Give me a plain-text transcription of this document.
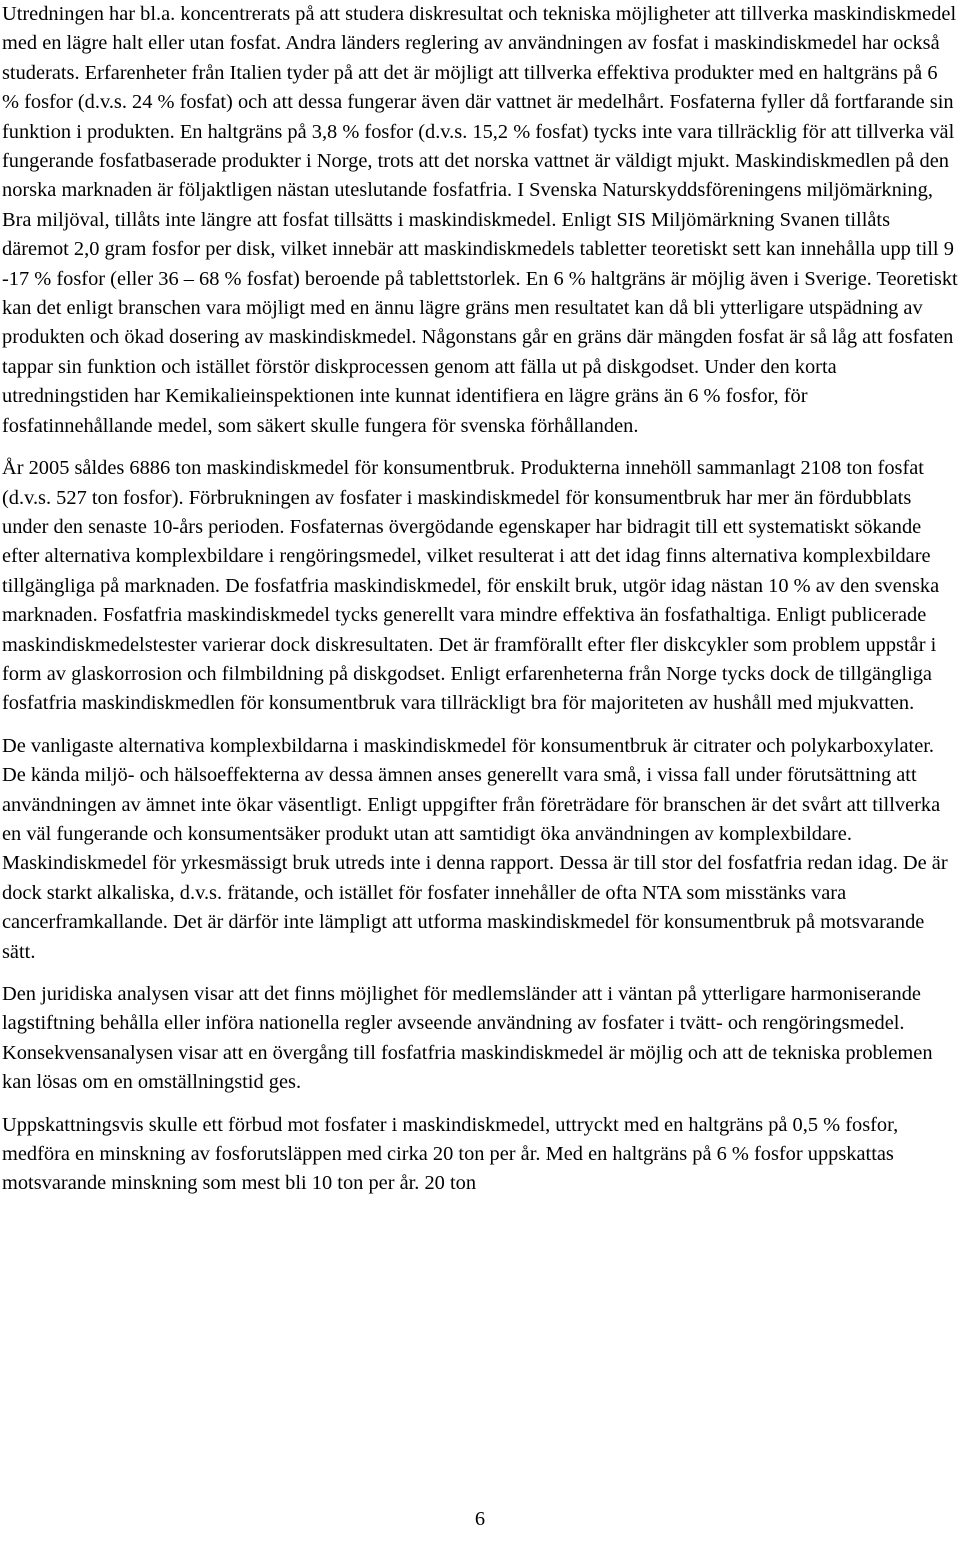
Utredningen har bl.a. koncentrerats på att studera diskresultat och tekniska möjligheter att tillverka maskindiskmedel med en lägre halt eller utan fosfat. Andra länders reglering av användningen av fosfat i maskindiskmedel har också studerats. Erfarenheter från Italien tyder på att det är möjligt att tillverka effektiva produkter med en haltgräns på 6 % fosfor (d.v.s. 24 % fosfat) och att dessa fungerar även där vattnet är medelhårt. Fosfaterna fyller då fortfarande sin funktion i produkten. En haltgräns på 3,8 % fosfor (d.v.s. 15,2 % fosfat) tycks inte vara tillräcklig för att tillverka väl fungerande fosfatbaserade produkter i Norge, trots att det norska vattnet är väldigt mjukt. Maskindiskmedlen på den norska marknaden är följaktligen nästan uteslutande fosfatfria. I Svenska Naturskyddsföreningens miljömärkning, Bra miljöval, tillåts inte längre att fosfat tillsätts i maskindiskmedel. Enligt SIS Miljömärkning Svanen tillåts däremot 2,0 gram fosfor per disk, vilket innebär att maskindiskmedels tabletter teoretiskt sett kan innehålla upp till 9 -17 % fosfor (eller 36 – 68 % fosfat) beroende på tablettstorlek. En 6 % haltgräns är möjlig även i Sverige. Teoretiskt kan det enligt branschen vara möjligt med en ännu lägre gräns men resultatet kan då bli ytterligare utspädning av produkten och ökad dosering av maskindiskmedel. Någonstans går en gräns där mängden fosfat är så låg att fosfaten tappar sin funktion och istället förstör diskprocessen genom att fälla ut på diskgodset. Under den korta utredningstiden har Kemikalieinspektionen inte kunnat identifiera en lägre gräns än 6 % fosfor, för fosfatinnehållande medel, som säkert skulle fungera för svenska förhållanden.

År 2005 såldes 6886 ton maskindiskmedel för konsumentbruk. Produkterna innehöll sammanlagt 2108 ton fosfat (d.v.s. 527 ton fosfor). Förbrukningen av fosfater i maskindiskmedel för konsumentbruk har mer än fördubblats under den senaste 10-års perioden. Fosfaternas övergödande egenskaper har bidragit till ett systematiskt sökande efter alternativa komplexbildare i rengöringsmedel, vilket resulterat i att det idag finns alternativa komplexbildare tillgängliga på marknaden. De fosfatfria maskindiskmedel, för enskilt bruk, utgör idag nästan 10 % av den svenska marknaden. Fosfatfria maskindiskmedel tycks generellt vara mindre effektiva än fosfathaltiga. Enligt publicerade maskindiskmedelstester varierar dock diskresultaten. Det är framförallt efter fler diskcykler som problem uppstår i form av glaskorrosion och filmbildning på diskgodset. Enligt erfarenheterna från Norge tycks dock de tillgängliga fosfatfria maskindiskmedlen för konsumentbruk vara tillräckligt bra för majoriteten av hushåll med mjukvatten.

De vanligaste alternativa komplexbildarna i maskindiskmedel för konsumentbruk är citrater och polykarboxylater. De kända miljö- och hälsoeffekterna av dessa ämnen anses generellt vara små, i vissa fall under förutsättning att användningen av ämnet inte ökar väsentligt. Enligt uppgifter från företrädare för branschen är det svårt att tillverka en väl fungerande och konsumentsäker produkt utan att samtidigt öka användningen av komplexbildare. Maskindiskmedel för yrkesmässigt bruk utreds inte i denna rapport. Dessa är till stor del fosfatfria redan idag. De är dock starkt alkaliska, d.v.s. frätande, och istället för fosfater innehåller de ofta NTA som misstänks vara cancerframkallande. Det är därför inte lämpligt att utforma maskindiskmedel för konsumentbruk på motsvarande sätt.

Den juridiska analysen visar att det finns möjlighet för medlemsländer att i väntan på ytterligare harmoniserande lagstiftning behålla eller införa nationella regler avseende användning av fosfater i tvätt- och rengöringsmedel. Konsekvensanalysen visar att en övergång till fosfatfria maskindiskmedel är möjlig och att de tekniska problemen kan lösas om en omställningstid ges.

Uppskattningsvis skulle ett förbud mot fosfater i maskindiskmedel, uttryckt med en haltgräns på 0,5 % fosfor, medföra en minskning av fosforutsläppen med cirka 20 ton per år. Med en haltgräns på 6 % fosfor uppskattas motsvarande minskning som mest bli 10 ton per år. 20 ton

6
